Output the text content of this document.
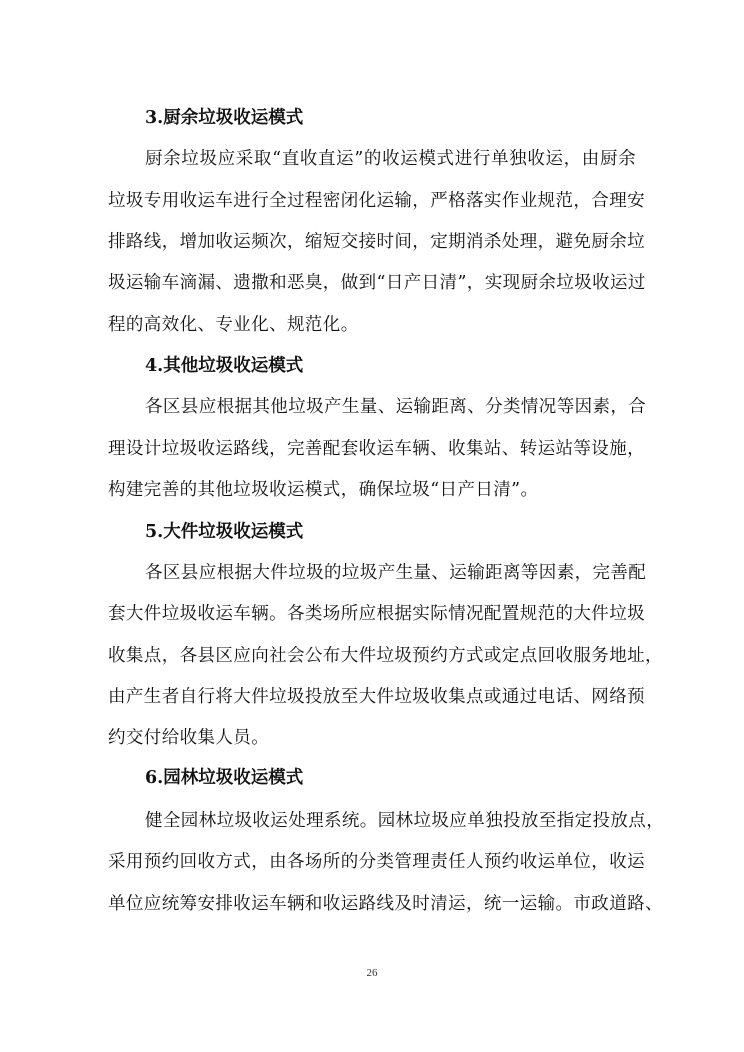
3.厨余垃圾收运模式
厨余垃圾应采取“直收直运”的收运模式进行单独收运，由厨余
垃圾专用收运车进行全过程密闭化运输，严格落实作业规范，合理安
排路线，增加收运频次，缩短交接时间，定期消杀处理，避免厨余垃
圾运输车滴漏、遗撒和恶臭，做到“日产日清”，实现厨余垃圾收运过
程的高效化、专业化、规范化。
4.其他垃圾收运模式
各区县应根据其他垃圾产生量、运输距离、分类情况等因素，合
理设计垃圾收运路线，完善配套收运车辆、收集站、转运站等设施，
构建完善的其他垃圾收运模式，确保垃圾“日产日清”。
5.大件垃圾收运模式
各区县应根据大件垃圾的垃圾产生量、运输距离等因素，完善配
套大件垃圾收运车辆。各类场所应根据实际情况配置规范的大件垃圾
收集点，各县区应向社会公布大件垃圾预约方式或定点回收服务地址，
由产生者自行将大件垃圾投放至大件垃圾收集点或通过电话、网络预
约交付给收集人员。
6.园林垃圾收运模式
健全园林垃圾收运处理系统。园林垃圾应单独投放至指定投放点，
采用预约回收方式，由各场所的分类管理责任人预约收运单位，收运
单位应统筹安排收运车辆和收运路线及时清运，统一运输。市政道路、
26
